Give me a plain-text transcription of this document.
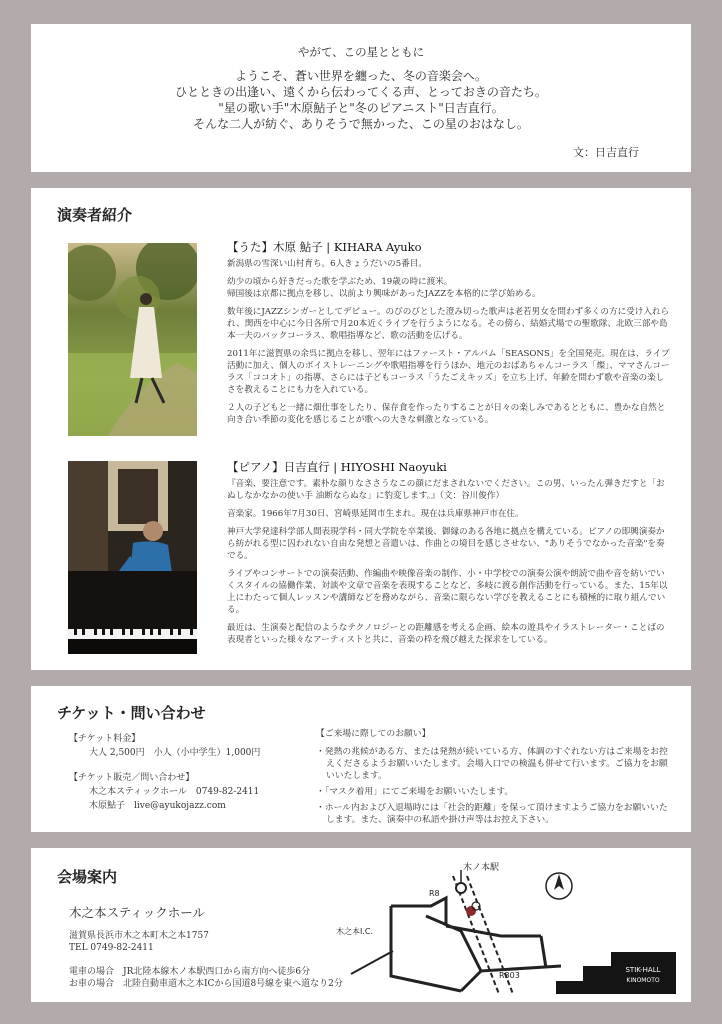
やがて、この星とともに
ようこそ、蒼い世界を纏った、冬の音楽会へ。
ひとときの出逢い、遠くから伝わってくる声、とっておきの音たち。
"星の歌い手"木原鮎子と"冬のピアニスト"日吉直行。
そんな二人が紡ぐ、ありそうで無かった、この星のおはなし。
文：日吉直行
演奏者紹介
【うた】木原 鮎子 | KIHARA Ayuko

新潟県の雪深い山村育ち。6人きょうだいの5番目。

幼少の頃から好きだった歌を学ぶため、19歳の時に渡米。
帰国後は京都に拠点を移し、以前より興味があったJAZZを本格的に学び始める。

数年後にJAZZシンガーとしてデビュー。のびのびとした澄み切った歌声は老若男女を問わず多くの方に受け入れられ、関西を中心に今日各所で月20本近くライブを行うようになる。その傍ら、結婚式場での聖歌隊、北欧三部や島本一夫のバックコーラス、歌唱指導など、歌の活動を広げる。

2011年に滋賀県の余呉に拠点を移し、翌年にはファースト・アルバム「SEASONS」を全国発売。現在は、ライブ活動に加え、個人のボイストレーニングや歌唱指導を行うほか、地元のおばあちゃんコーラス「燦」、ママさんコーラス「ココオト」の指導、さらには子どもコーラス「うたごえキッズ」を立ち上げ、年齢を問わず歌や音楽の楽しさを教えることにも力を入れている。

２人の子どもと一緒に畑仕事をしたり、保存食を作ったりすることが日々の楽しみであるとともに、豊かな自然と向き合い季節の変化を感じることが歌への大きな刺激となっている。

【ピアノ】日吉直行 | HIYOSHI Naoyuki

『音楽、要注意です。素朴な顔りなささうなこの顔にだまされないでください。この男、いったん弾きだすと「おぬしなかなかの使い手 油断ならぬな」に豹変します。』（文：谷川俊作）

音楽家。1966年7月30日、宮崎県延岡市生まれ。現在は兵庫県神戸市在住。

神戸大学発達科学部人間表現学科・同大学院を卒業後、御縁のある各地に拠点を構えている。ピアノの即興演奏から紡がれる型に囚われない自由な発想と音遣いは、作曲との境目を感じさせない、"ありそうでなかった音楽"を奏でる。

ライブやコンサートでの演奏活動、作編曲や映像音楽の制作、小・中学校での演奏公演や朗読で曲や音を紡いでいくスタイルの協働作業、対談や文章で音楽を表現することなど、多岐に渡る創作活動を行っている。また、15年以上にわたって個人レッスンや講師などを務めながら、音楽に限らない学びを教えることにも積極的に取り組んでいる。

最近は、生演奏と配信のようなテクノロジーとの距離感を考える企画、絵本の遊具やイラストレーター・ことばの表現者といった様々なアーティストと共に、音楽の枠を飛び越えた探求をしている。

チケット・問い合わせ
【チケット料金】
大人 2,500円　小人（小中学生）1,000円
【チケット販売／問い合わせ】
木之本スティックホール　0749-82-2411
木原鮎子　live@ayukojazz.com
【ご来場に際してのお願い】
・発熱の兆候がある方、または発熱が続いている方、体調のすぐれない方はご来場をお控えくださるようお願いいたします。会場入口での検温も併せて行います。ご協力をお願いいたします。
・「マスク着用」にてご来場をお願いいたします。
・ホール内および入退場時には「社会的距離」を保って頂けますようご協力をお願いいたします。また、演奏中の私語や掛け声等はお控え下さい。
会場案内
木之本スティックホール
滋賀県長浜市木之本町木之本1757
TEL 0749-82-2411
電車の場合　JR北陸本線木ノ本駅西口から南方向へ徒歩6分
お車の場合　北陸自動車道木之本ICから国道8号線を東へ道なり2分
木ノ本駅
R8
R303
木之本I.C.
STIK-HALL
KINOMOTO
